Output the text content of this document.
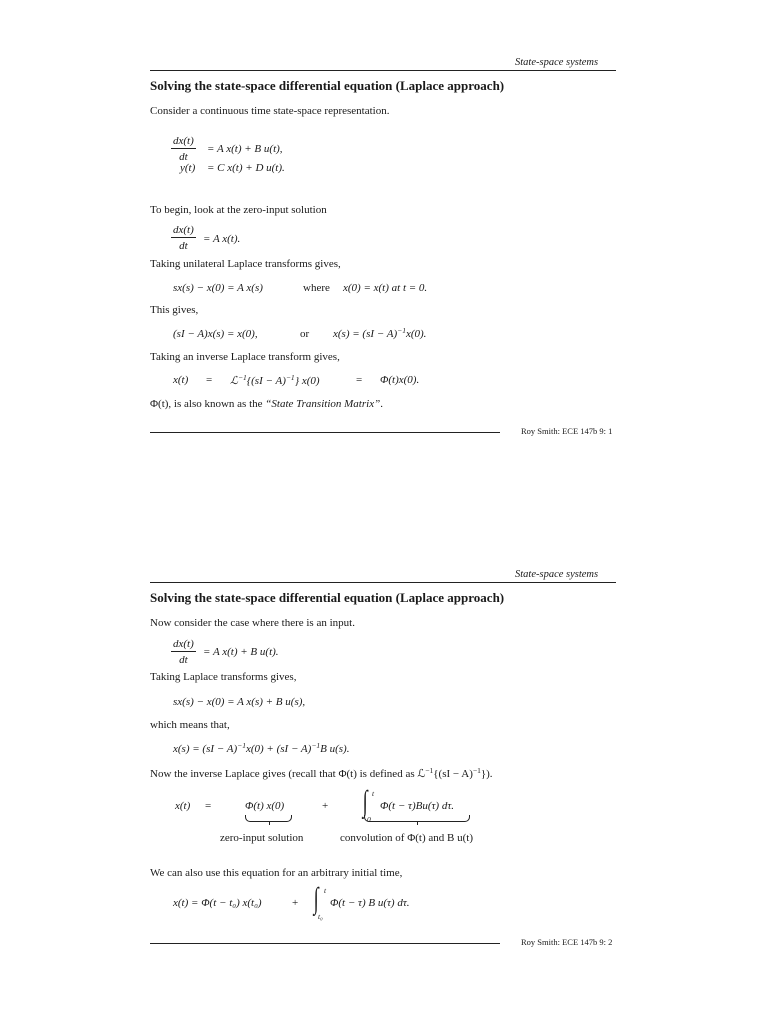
State-space systems
Solving the state-space differential equation (Laplace approach)
Consider a continuous time state-space representation.
$\frac{dx(t)}{dt} = A$ x(t) + B u(t),
y(t) = C x(t) + D u(t).
To begin, look at the zero-input solution
$\frac{dx(t)}{dt} = A$ x(t).
Taking unilateral Laplace transforms gives,
sx(s) − x(0) = A x(s)	where x(0) = x(t) at t = 0.
This gives,
(sI − A)x(s) = x(0),	or x(s) = (sI − A)$^{-1}$x(0).
Taking an inverse Laplace transform gives,
x(t) = ℒ$^{-1}${(sI − A)$^{-1}$} x(0)	= Φ(t)x(0).
Φ(t), is also known as the “State Transition Matrix”.
Roy Smith: ECE 147b 9: 1
State-space systems
Solving the state-space differential equation (Laplace approach)
Now consider the case where there is an input.
$\frac{dx(t)}{dt} = A$ x(t) + B u(t).
Taking Laplace transforms gives,
sx(s) − x(0) = A x(s) + B u(s),
which means that,
x(s) = (sI − A)$^{-1}$x(0) + (sI − A)$^{-1}$B u(s).
Now the inverse Laplace gives (recall that Φ(t) is defined as ℒ$^{-1}${(sI − A)$^{-1}$}).
x(t) =	Φ(t) x(0)	+ ∫ t
0
Φ(t − τ)Bu(τ) dτ.
zero-input solution	convolution of Φ(t) and B u(t)
We can also use this equation for an arbitrary initial time,
x(t) = Φ(t − t₀) x(t₀)	+ ∫ t
t₀
Φ(t − τ) B u(τ) dτ.
Roy Smith: ECE 147b 9: 2
